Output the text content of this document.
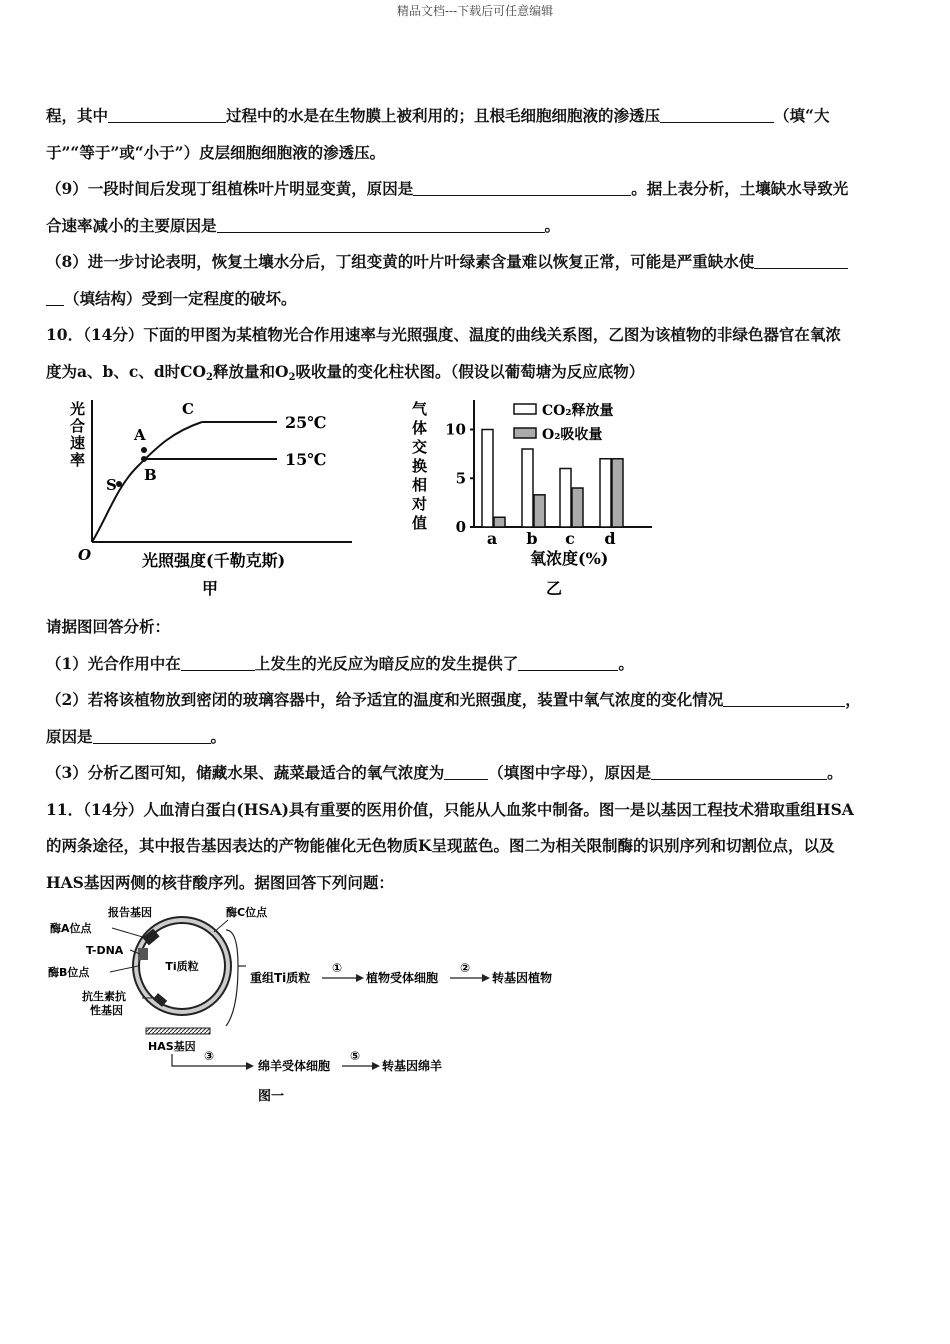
精品文档---下载后可任意编辑
程，其中	过程中的水是在生物膜上被利用的；且根毛细胞细胞液的渗透压	（填“大
于”“等于”或“小于”）皮层细胞细胞液的渗透压。
（9）一段时间后发现丁组植株叶片明显变黄，原因是	。据上表分析，土壤缺水导致光
合速率减小的主要原因是	。
（8）进一步讨论表明，恢复土壤水分后，丁组变黄的叶片叶绿素含量难以恢复正常，可能是严重缺水使
（填结构）受到一定程度的破坏。
10．（14分）下面的甲图为某植物光合作用速率与光照强度、温度的曲线关系图，乙图为该植物的非绿色器官在氧浓
度为a、b、c、d时$CO_2$释放量和$O_2$吸收量的变化柱状图。（假设以葡萄塘为反应底物）
请据图回答分析：
（1）光合作用中在	上发生的光反应为暗反应的发生提供了	。
（2）若将该植物放到密闭的玻璃容器中，给予适宜的温度和光照强度，装置中氧气浓度的变化情况	，
原因是	。
（3）分析乙图可知，储藏水果、蔬菜最适合的氧气浓度为	（填图中字母），原因是	。
11．（14分）人血清白蛋白(HSA)具有重要的医用价值，只能从人血浆中制备。图一是以基因工程技术猎取重组HSA
的两条途径，其中报告基因表达的产物能催化无色物质K呈现蓝色。图二为相关限制酶的识别序列和切割位点，以及
HAS基因两侧的核苷酸序列。据图回答下列问题：
光合速率
S
A
B
C
25℃
15℃
O	光照强度(千勒克斯)
甲
气
体
交
换
相
对
值 0
5
10
a b c d
CO₂释放量
O₂吸收量
氧浓度(%)
乙
Ti质粒
报告基因
酶A位点
T-DNA
酶B位点
抗生素抗
性基因
酶C位点
重组Ti质粒
①
植物受体细胞
②
转基因植物
HAS基因
③
绵羊受体细胞
⑤
转基因绵羊
图一
